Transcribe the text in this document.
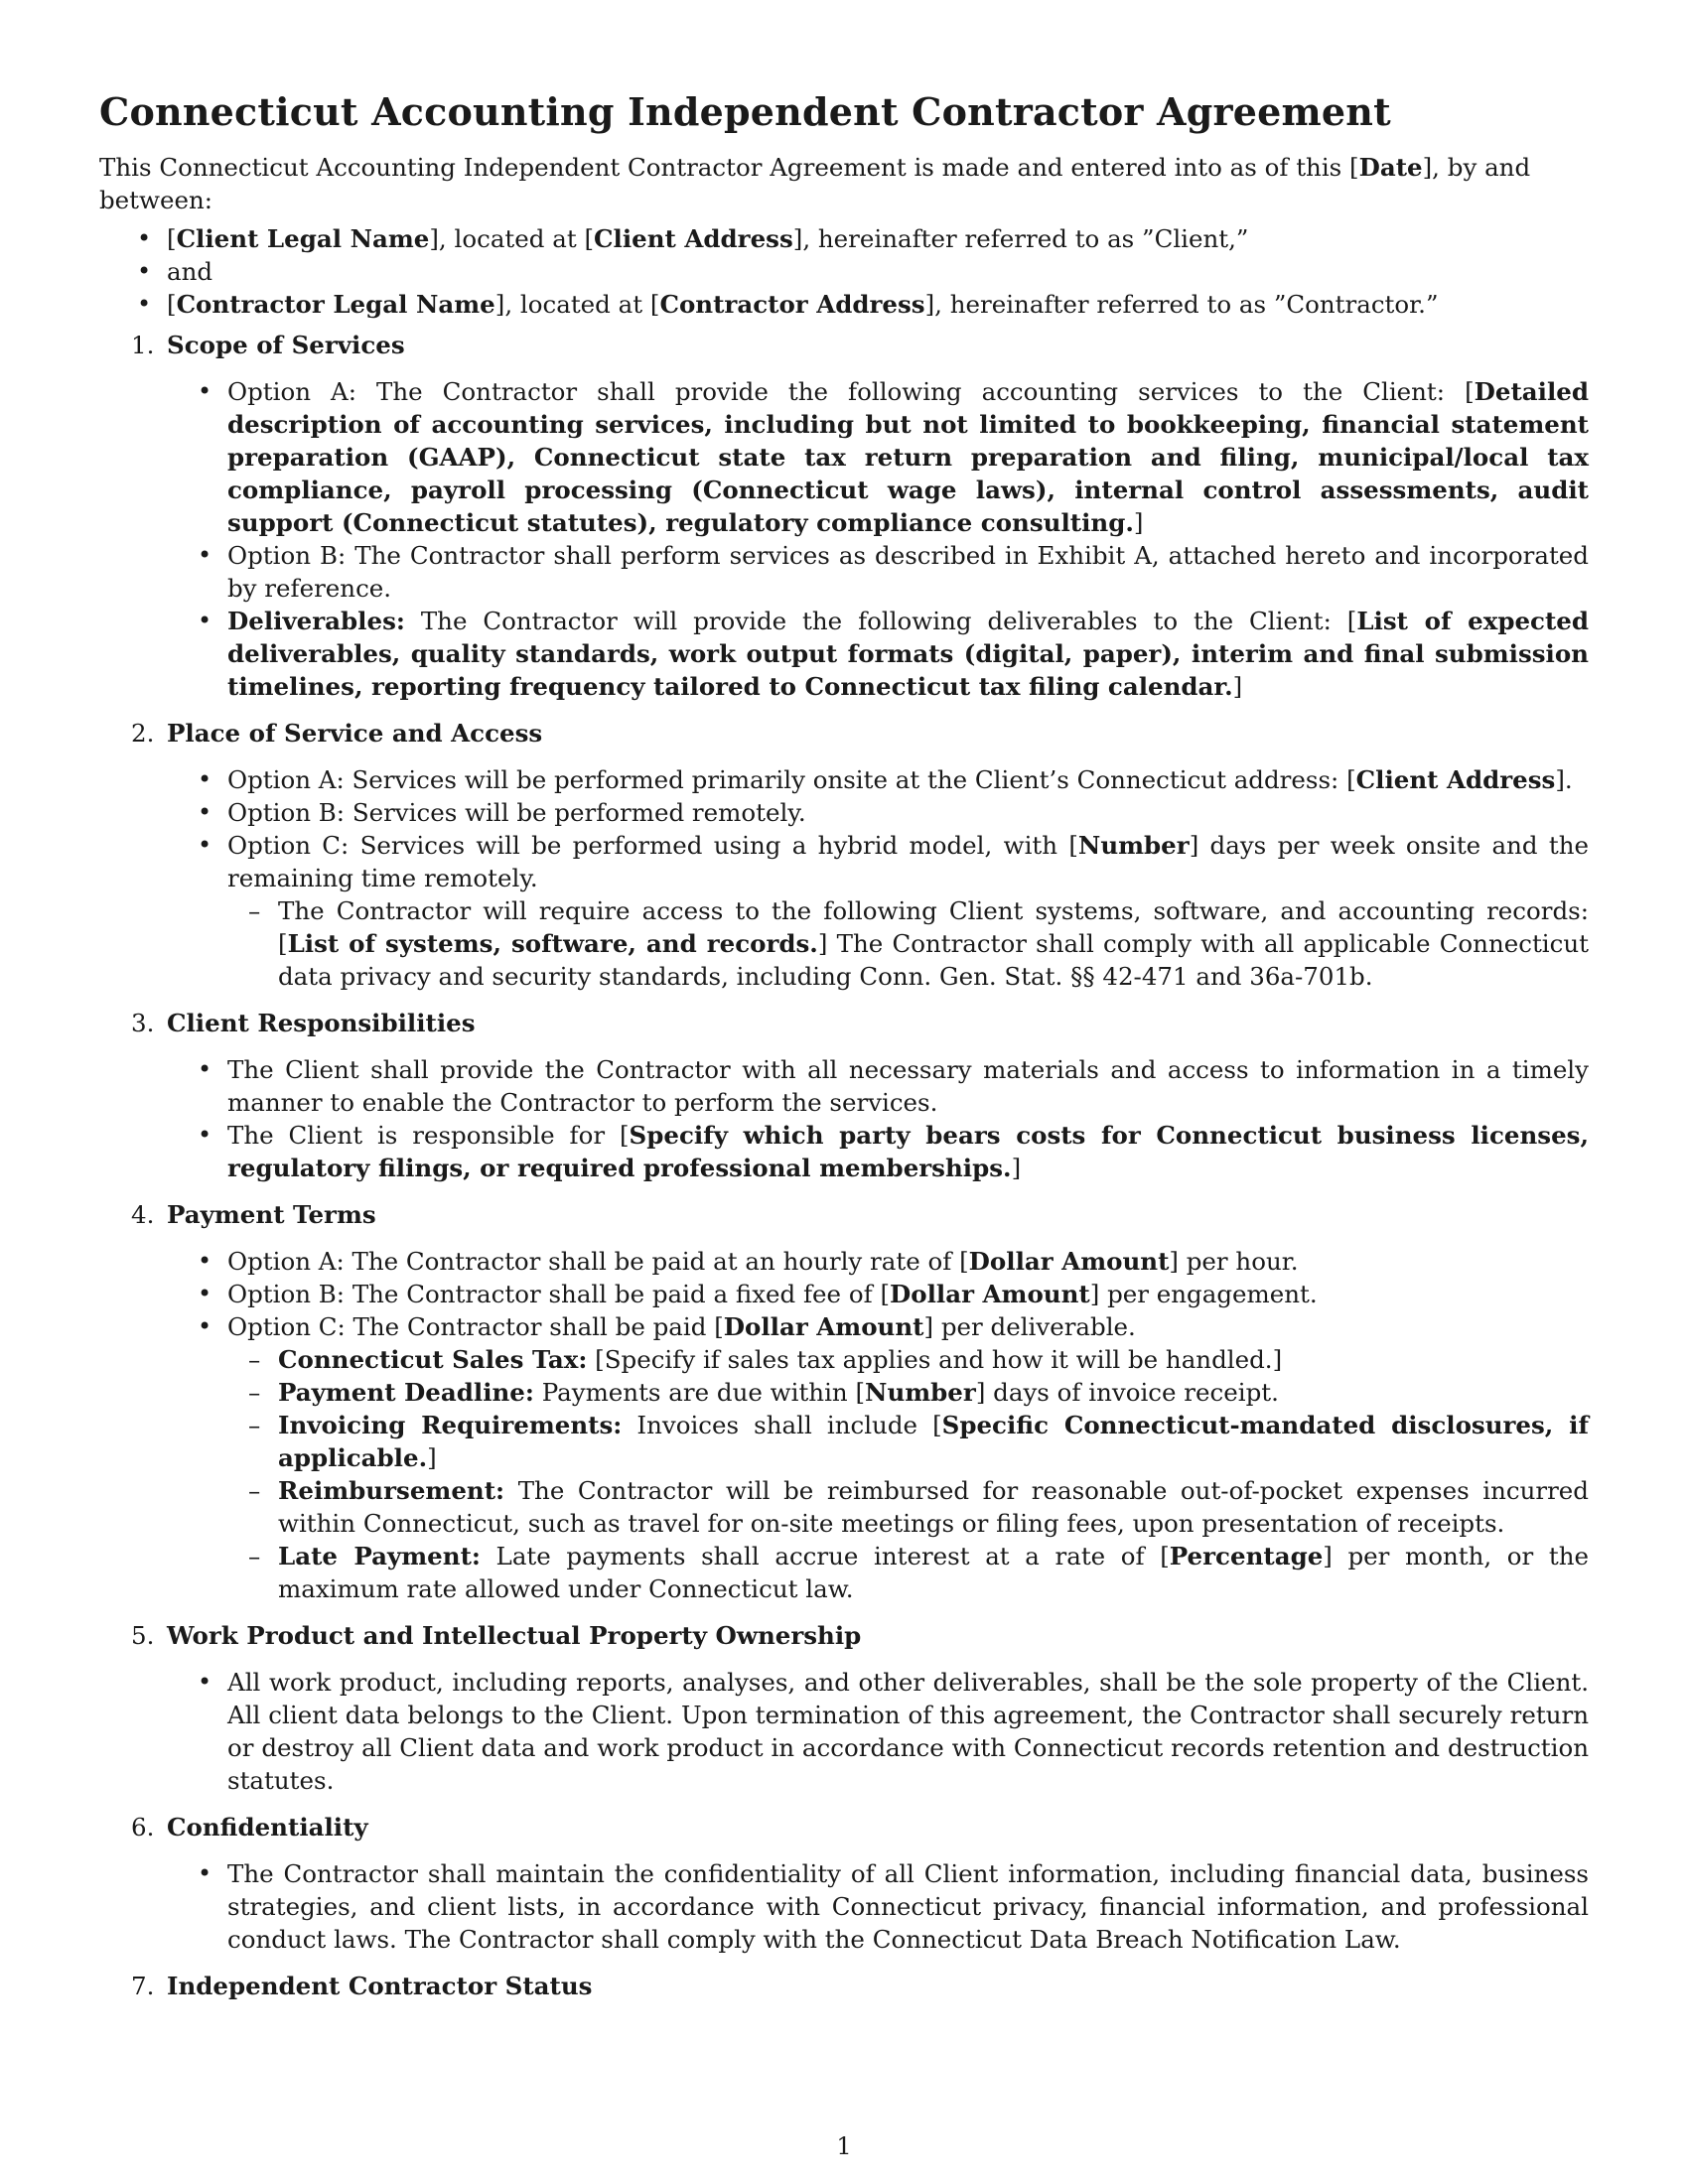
Connecticut Accounting Independent Contractor Agreement

This Connecticut Accounting Independent Contractor Agreement is made and entered into as of this [Date], by and between:

• [Client Legal Name], located at [Client Address], hereinafter referred to as ”Client,”
• and
• [Contractor Legal Name], located at [Contractor Address], hereinafter referred to as ”Contractor.”
1. Scope of Services
• Option A: The Contractor shall provide the following accounting services to the Client: [Detailed description of accounting services, including but not limited to bookkeeping, financial statement preparation (GAAP), Connecticut state tax return preparation and filing, municipal/local tax compliance, payroll processing (Connecticut wage laws), internal control assessments, audit support (Connecticut statutes), regulatory compliance consulting.]
• Option B: The Contractor shall perform services as described in Exhibit A, attached hereto and incorporated by reference.
• Deliverables: The Contractor will provide the following deliverables to the Client: [List of expected deliverables, quality standards, work output formats (digital, paper), interim and final submission timelines, reporting frequency tailored to Connecticut tax filing calendar.]
2. Place of Service and Access
• Option A: Services will be performed primarily onsite at the Client’s Connecticut address: [Client Address].
• Option B: Services will be performed remotely.
• Option C: Services will be performed using a hybrid model, with [Number] days per week onsite and the remaining time remotely.
– The Contractor will require access to the following Client systems, software, and accounting records: [List of systems, software, and records.] The Contractor shall comply with all applicable Connecticut data privacy and security standards, including Conn. Gen. Stat. §§ 42-471 and 36a-701b.
3. Client Responsibilities
• The Client shall provide the Contractor with all necessary materials and access to information in a timely manner to enable the Contractor to perform the services.
• The Client is responsible for [Specify which party bears costs for Connecticut business licenses, regulatory filings, or required professional memberships.]
4. Payment Terms
• Option A: The Contractor shall be paid at an hourly rate of [Dollar Amount] per hour.
• Option B: The Contractor shall be paid a fixed fee of [Dollar Amount] per engagement.
• Option C: The Contractor shall be paid [Dollar Amount] per deliverable.
– Connecticut Sales Tax: [Specify if sales tax applies and how it will be handled.]
– Payment Deadline: Payments are due within [Number] days of invoice receipt.
– Invoicing Requirements: Invoices shall include [Specific Connecticut-mandated disclosures, if applicable.]
– Reimbursement: The Contractor will be reimbursed for reasonable out-of-pocket expenses incurred within Connecticut, such as travel for on-site meetings or filing fees, upon presentation of receipts.
– Late Payment: Late payments shall accrue interest at a rate of [Percentage] per month, or the maximum rate allowed under Connecticut law.
5. Work Product and Intellectual Property Ownership
• All work product, including reports, analyses, and other deliverables, shall be the sole property of the Client. All client data belongs to the Client. Upon termination of this agreement, the Contractor shall securely return or destroy all Client data and work product in accordance with Connecticut records retention and destruction statutes.
6. Confidentiality
• The Contractor shall maintain the confidentiality of all Client information, including financial data, business strategies, and client lists, in accordance with Connecticut privacy, financial information, and professional conduct laws. The Contractor shall comply with the Connecticut Data Breach Notification Law.
7. Independent Contractor Status
1
